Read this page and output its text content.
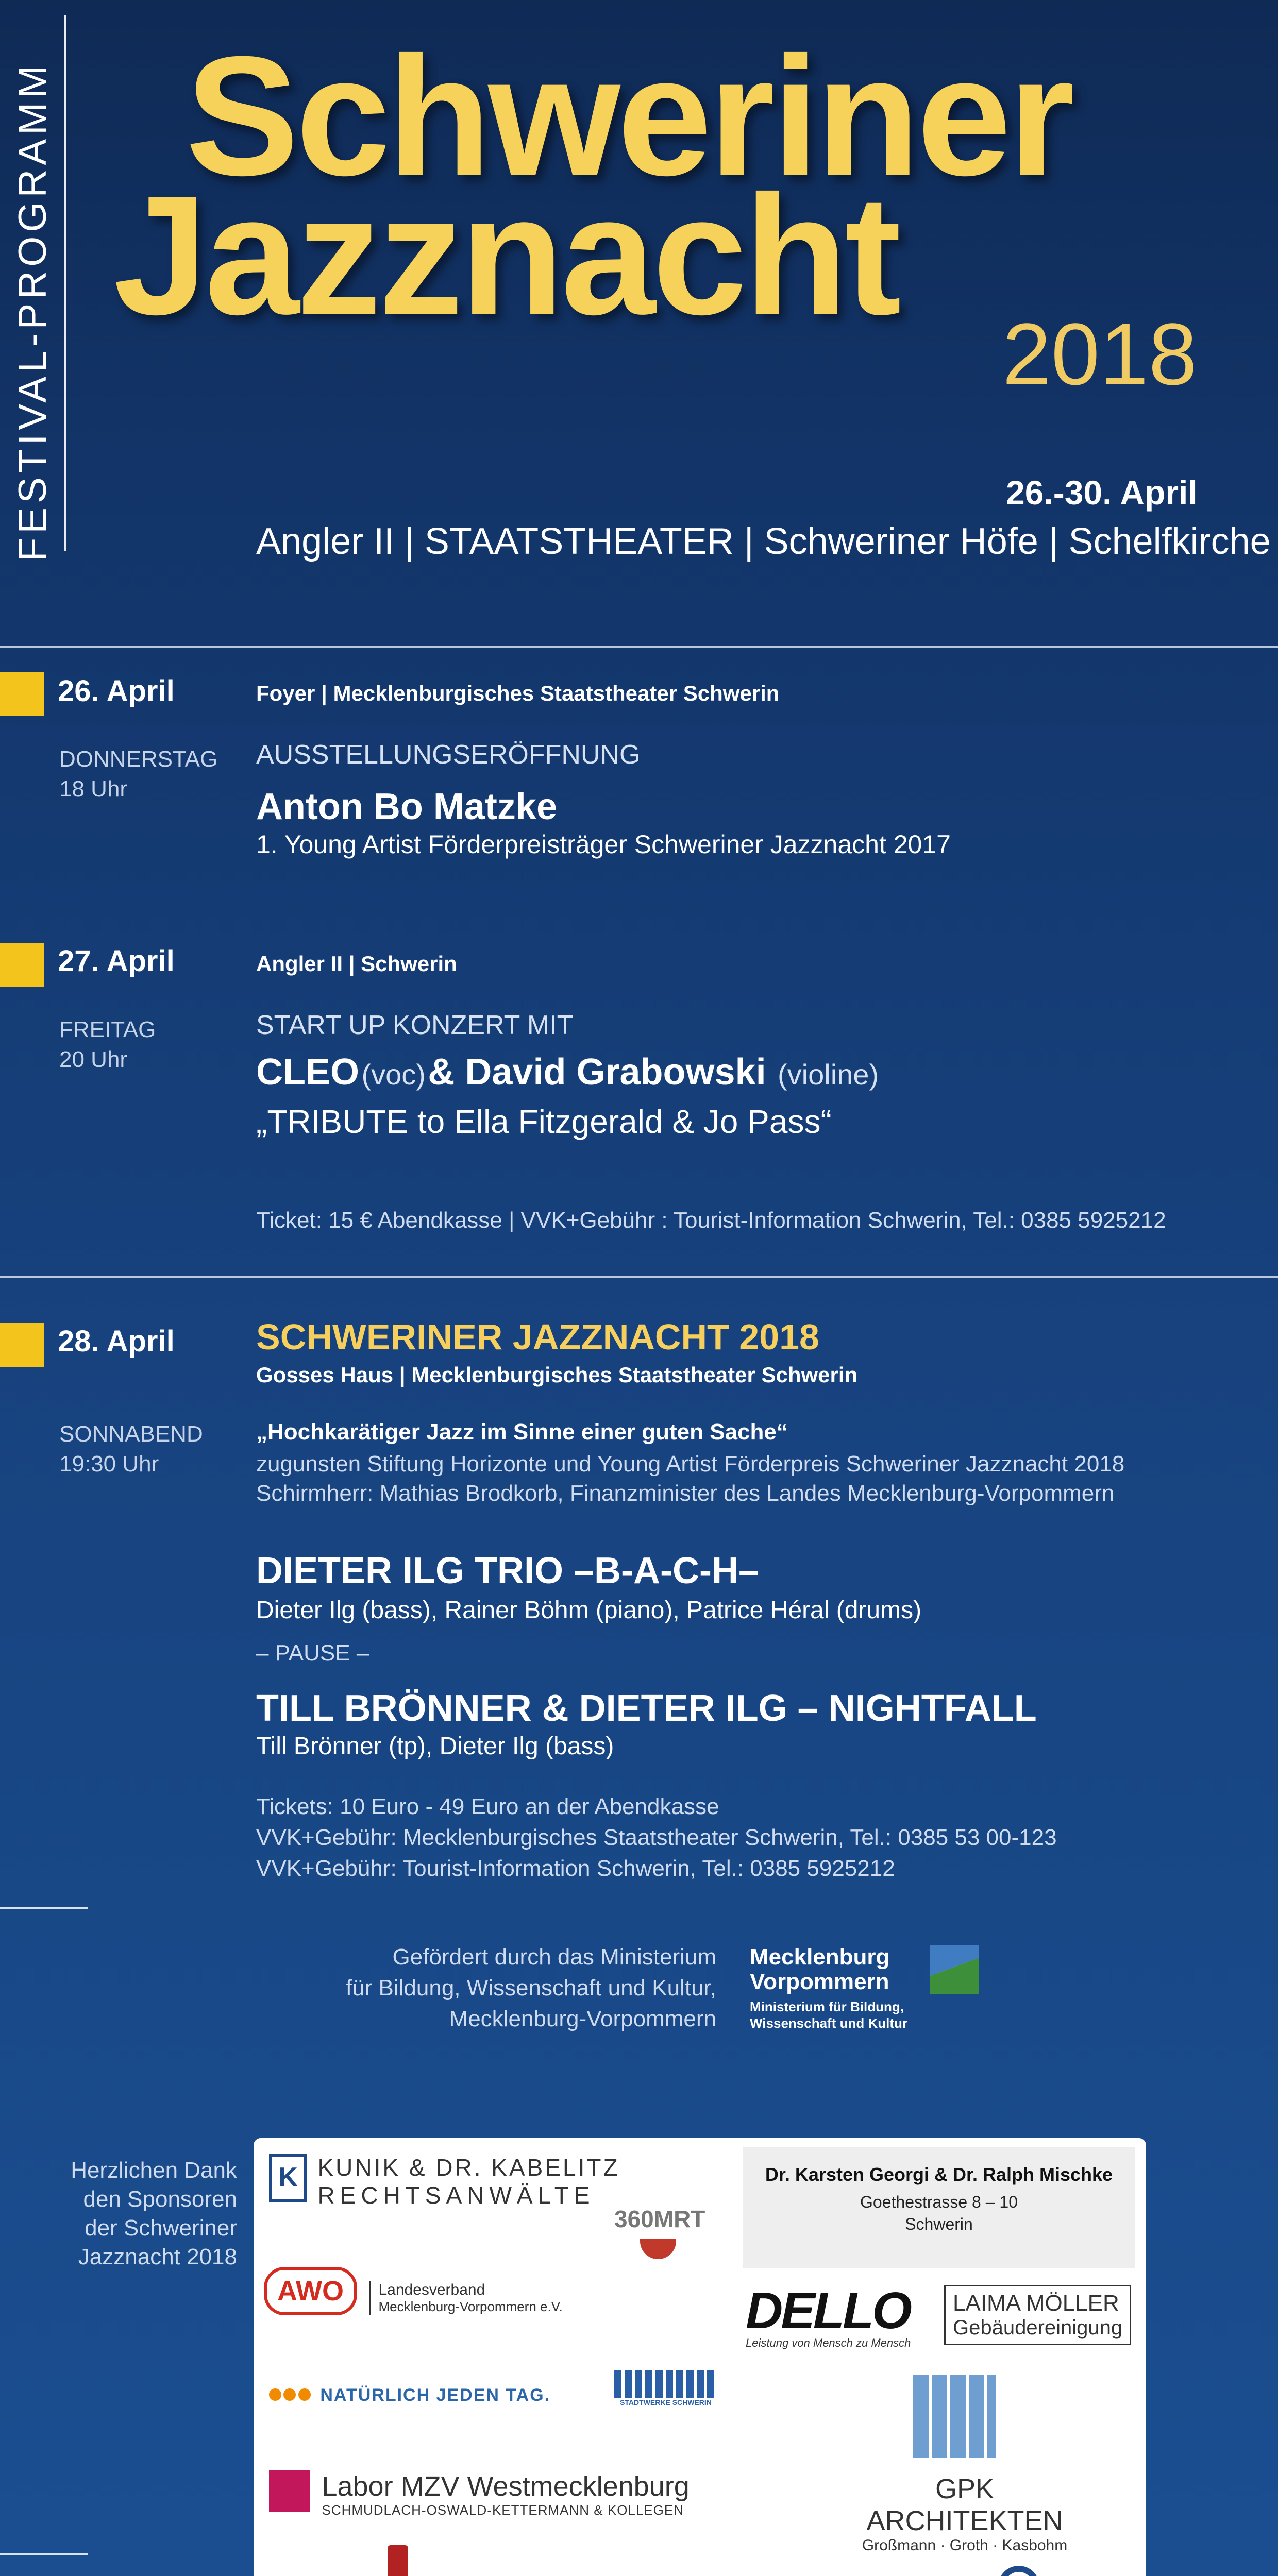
FESTIVAL-PROGRAMM Schweriner
Jazznacht
2018
26.-30. April
Angler II | STAATSTHEATER | Schweriner Höfe | Schelfkirche
26. April
DONNERSTAG
18 Uhr
Foyer | Mecklenburgisches Staatstheater Schwerin
AUSSTELLUNGSERÖFFNUNG
Anton Bo Matzke
1. Young Artist Förderpreisträger Schweriner Jazznacht 2017
27. April
FREITAG
20 Uhr
Angler II | Schwerin
START UP KONZERT MIT
CLEO (voc) & David Grabowski (violine)
„TRIBUTE to Ella Fitzgerald & Jo Pass“
Ticket: 15 € Abendkasse | VVK+Gebühr : Tourist-Information Schwerin, Tel.: 0385 5925212
28. April
SONNABEND
19:30 Uhr
SCHWERINER JAZZNACHT 2018
Gosses Haus | Mecklenburgisches Staatstheater Schwerin
„Hochkarätiger Jazz im Sinne einer guten Sache“
zugunsten Stiftung Horizonte und Young Artist Förderpreis Schweriner Jazznacht 2018
Schirmherr: Mathias Brodkorb, Finanzminister des Landes Mecklenburg-Vorpommern
DIETER ILG TRIO –B-A-C-H–
Dieter Ilg (bass), Rainer Böhm (piano), Patrice Héral (drums)
– PAUSE –
TILL BRÖNNER & DIETER ILG – NIGHTFALL
Till Brönner (tp), Dieter Ilg (bass)
Tickets: 10 Euro - 49 Euro an der Abendkasse
VVK+Gebühr: Mecklenburgisches Staatstheater Schwerin, Tel.: 0385 53 00-123
VVK+Gebühr: Tourist-Information Schwerin, Tel.: 0385 5925212
Gefördert durch das Ministerium
für Bildung, Wissenschaft und Kultur,
Mecklenburg-Vorpommern
Mecklenburg
Vorpommern
Ministerium für Bildung,
Wissenschaft und Kultur
Herzlichen Dank
den Sponsoren
der Schweriner
Jazznacht 2018
K KUNIK & DR. KABELITZ
RECHTSANWÄLTE
Dr. Karsten Georgi & Dr. Ralph Mischke
Goethestrasse 8 – 10
Schwerin
360MRT
AWO Landesverband
Mecklenburg-Vorpommern e.V.	DELLO
Leistung von Mensch zu Mensch
LAIMA MÖLLER
Gebäudereinigung
NATÜRLICH JEDEN TAG.	STADTWERKE SCHWERIN

Labor MZV Westmecklenburg
SCHMUDLACH-OSWALD-KETTERMANN & KOLLEGEN
GPK ARCHITEKTEN
Großmann · Groth · Kasbohm
